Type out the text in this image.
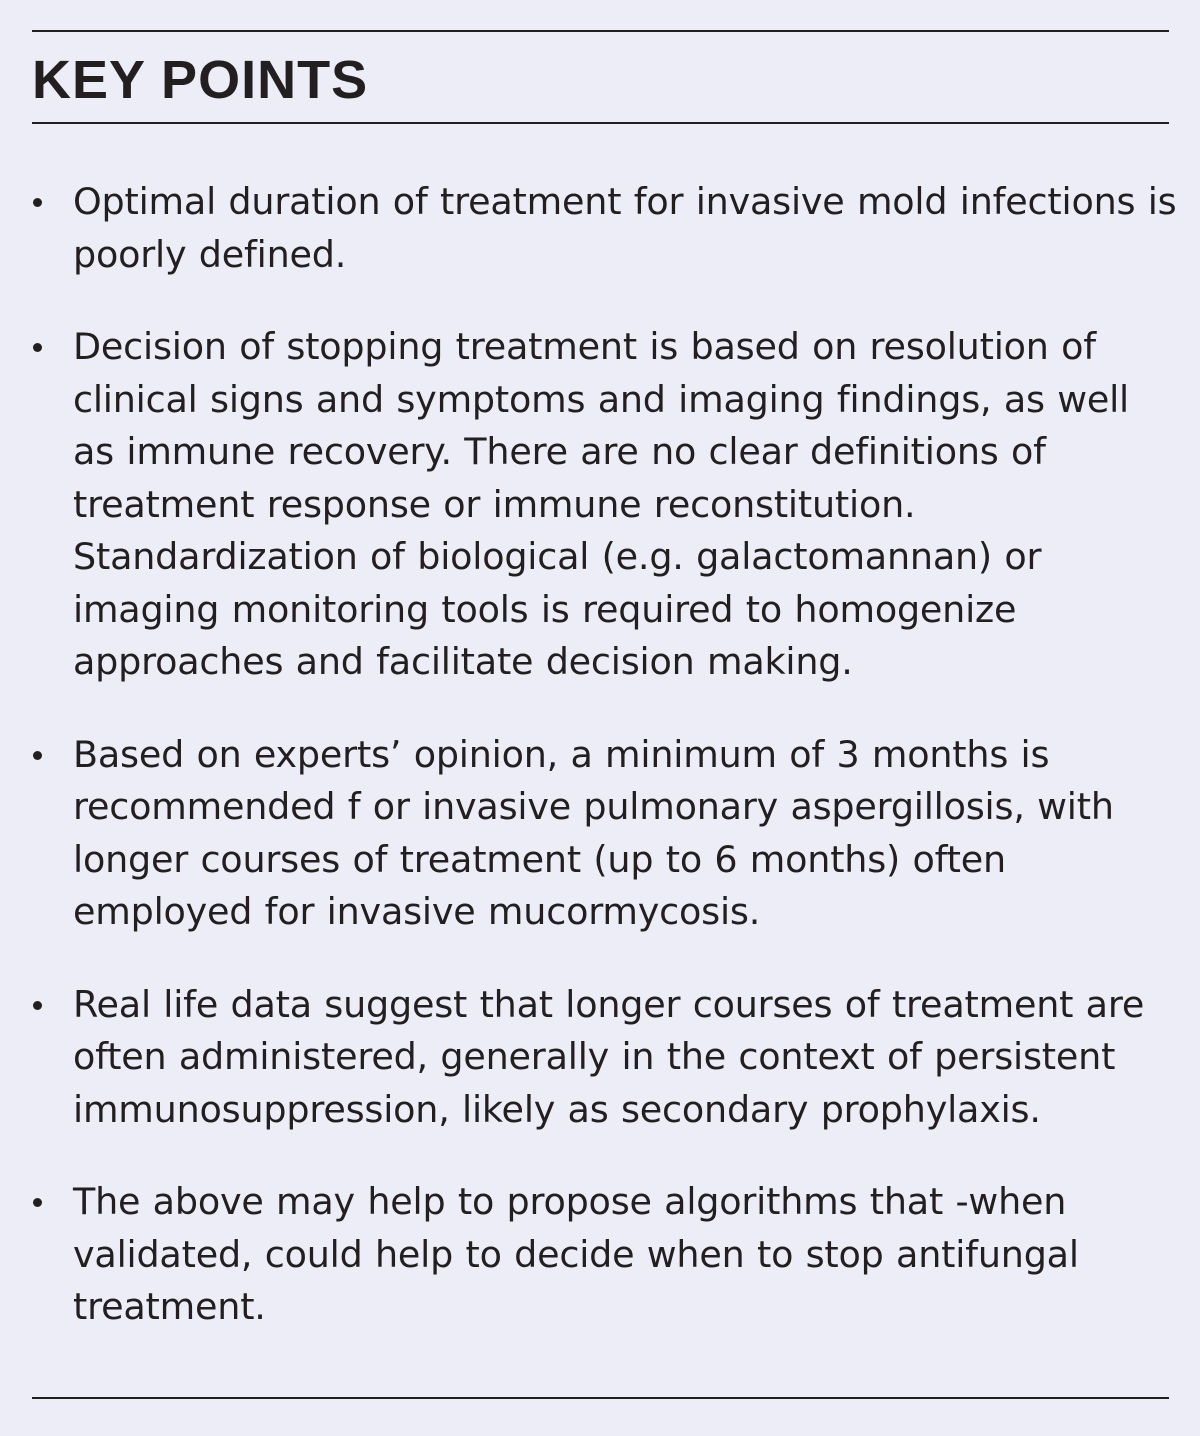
KEY POINTS
Optimal duration of treatment for invasive mold infections is poorly defined.
Decision of stopping treatment is based on resolution of clinical signs and symptoms and imaging findings, as well as immune recovery. There are no clear definitions of treatment response or immune reconstitution. Standardization of biological (e.g. galactomannan) or imaging monitoring tools is required to homogenize approaches and facilitate decision making.
Based on experts’ opinion, a minimum of 3 months is recommended f or invasive pulmonary aspergillosis, with longer courses of treatment (up to 6 months) often employed for invasive mucormycosis.
Real life data suggest that longer courses of treatment are often administered, generally in the context of persistent immunosuppression, likely as secondary prophylaxis.
The above may help to propose algorithms that -when validated, could help to decide when to stop antifungal treatment.
